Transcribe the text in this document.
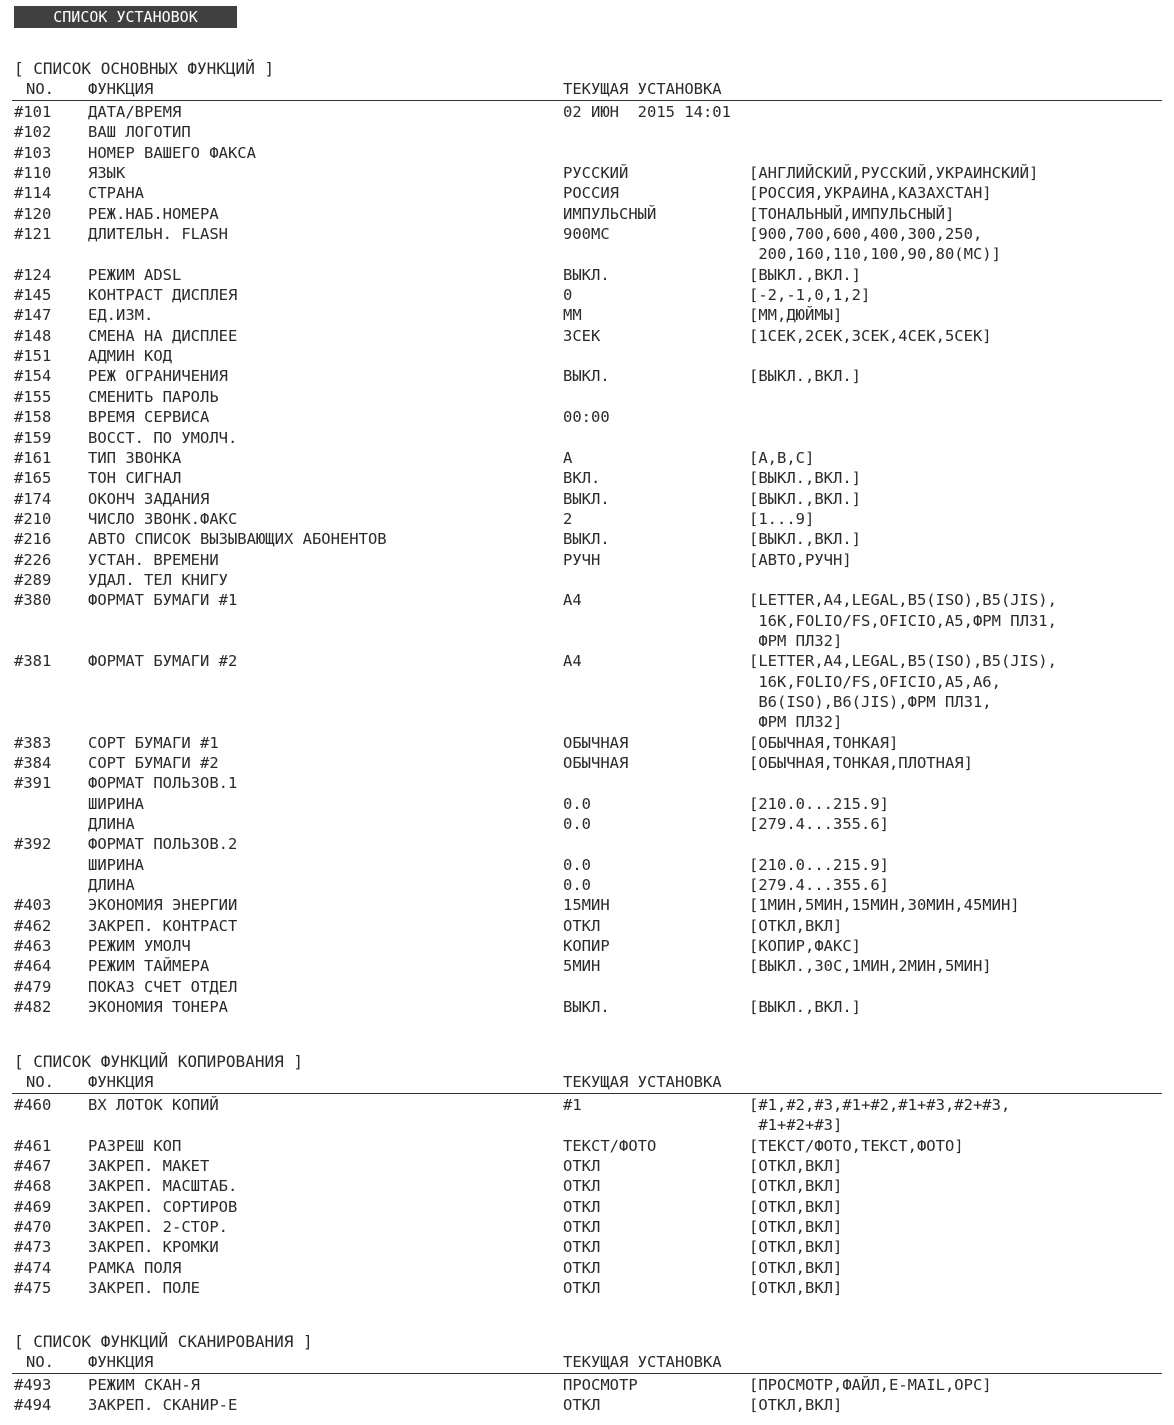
СПИСОК УСТАНОВОК
[ СПИСОК ОСНОВНЫХ ФУНКЦИЙ ]
NO. ФУНКЦИЯ	ТЕКУЩАЯ УСТАНОВКА
#101 ДАТА/ВРЕМЯ	02 ИЮН  2015 14:01
#102 ВАШ ЛОГОТИП
#103 НОМЕР ВАШЕГО ФАКСА
#110 ЯЗЫК	РУССКИЙ	[АНГЛИЙСКИЙ,РУССКИЙ,УКРАИНСКИЙ]
#114 СТРАНА	РОССИЯ	[РОССИЯ,УКРАИНА,КАЗАХСТАН]
#120 РЕЖ.НАБ.НОМЕРА	ИМПУЛЬСНЫЙ	[ТОНАЛЬНЫЙ,ИМПУЛЬСНЫЙ]
#121 ДЛИТЕЛЬН. FLASH	900МС	[900,700,600,400,300,250,
200,160,110,100,90,80(МС)]
#124 РЕЖИМ ADSL	ВЫКЛ.	[ВЫКЛ.,ВКЛ.]
#145 КОНТРАСТ ДИСПЛЕЯ	0	[-2,-1,0,1,2]
#147 ЕД.ИЗМ.	ММ	[ММ,ДЮЙМЫ]
#148 СМЕНА НА ДИСПЛЕЕ	3СЕК	[1СЕК,2СЕК,3СЕК,4СЕК,5СЕК]
#151 АДМИН КОД
#154 РЕЖ ОГРАНИЧЕНИЯ	ВЫКЛ.	[ВЫКЛ.,ВКЛ.]
#155 СМЕНИТЬ ПАРОЛЬ
#158 ВРЕМЯ СЕРВИСА	00:00
#159 ВОССТ. ПО УМОЛЧ.
#161 ТИП ЗВОНКА	A	[A,B,C]
#165 ТОН СИГНАЛ	ВКЛ.	[ВЫКЛ.,ВКЛ.]
#174 ОКОНЧ ЗАДАНИЯ	ВЫКЛ.	[ВЫКЛ.,ВКЛ.]
#210 ЧИСЛО ЗВОНК.ФАКС	2	[1...9]
#216 АВТО СПИСОК ВЫЗЫВАЮЩИХ АБОНЕНТОВ	ВЫКЛ.	[ВЫКЛ.,ВКЛ.]
#226 УСТАН. ВРЕМЕНИ	РУЧН	[АВТО,РУЧН]
#289 УДАЛ. ТЕЛ КНИГУ
#380 ФОРМАТ БУМАГИ #1	A4	[LETTER,A4,LEGAL,B5(ISO),B5(JIS),
16K,FOLIO/FS,OFICIO,A5,ФРМ ПЛЗ1,
ФРМ ПЛЗ2]
#381 ФОРМАТ БУМАГИ #2	A4	[LETTER,A4,LEGAL,B5(ISO),B5(JIS),
16K,FOLIO/FS,OFICIO,A5,A6,
B6(ISO),B6(JIS),ФРМ ПЛЗ1,
ФРМ ПЛЗ2]
#383 СОРТ БУМАГИ #1	ОБЫЧНАЯ	[ОБЫЧНАЯ,ТОНКАЯ]
#384 СОРТ БУМАГИ #2	ОБЫЧНАЯ	[ОБЫЧНАЯ,ТОНКАЯ,ПЛОТНАЯ]
#391 ФОРМАТ ПОЛЬЗОВ.1
ШИРИНА	0.0	[210.0...215.9]
ДЛИНА	0.0	[279.4...355.6]
#392 ФОРМАТ ПОЛЬЗОВ.2
ШИРИНА	0.0	[210.0...215.9]
ДЛИНА	0.0	[279.4...355.6]
#403 ЭКОНОМИЯ ЭНЕРГИИ	15МИН	[1МИН,5МИН,15МИН,30МИН,45МИН]
#462 ЗАКРЕП. КОНТРАСТ	ОТКЛ	[ОТКЛ,ВКЛ]
#463 РЕЖИМ УМОЛЧ	КОПИР	[КОПИР,ФАКС]
#464 РЕЖИМ ТАЙМЕРА	5МИН	[ВЫКЛ.,30С,1МИН,2МИН,5МИН]
#479 ПОКАЗ СЧЕТ ОТДЕЛ
#482 ЭКОНОМИЯ ТОНЕРА	ВЫКЛ.	[ВЫКЛ.,ВКЛ.]
[ СПИСОК ФУНКЦИЙ КОПИРОВАНИЯ ]
NO. ФУНКЦИЯ	ТЕКУЩАЯ УСТАНОВКА
#460 ВХ ЛОТОК КОПИЙ	#1	[#1,#2,#3,#1+#2,#1+#3,#2+#3,
#1+#2+#3]
#461 РАЗРЕШ КОП	ТЕКСТ/ФОТО	[ТЕКСТ/ФОТО,ТЕКСТ,ФОТО]
#467 ЗАКРЕП. МАКЕТ	ОТКЛ	[ОТКЛ,ВКЛ]
#468 ЗАКРЕП. МАСШТАБ.	ОТКЛ	[ОТКЛ,ВКЛ]
#469 ЗАКРЕП. СОРТИРОВ	ОТКЛ	[ОТКЛ,ВКЛ]
#470 ЗАКРЕП. 2-СТОР.	ОТКЛ	[ОТКЛ,ВКЛ]
#473 ЗАКРЕП. КРОМКИ	ОТКЛ	[ОТКЛ,ВКЛ]
#474 РАМКА ПОЛЯ	ОТКЛ	[ОТКЛ,ВКЛ]
#475 ЗАКРЕП. ПОЛЕ	ОТКЛ	[ОТКЛ,ВКЛ]
[ СПИСОК ФУНКЦИЙ СКАНИРОВАНИЯ ]
NO. ФУНКЦИЯ	ТЕКУЩАЯ УСТАНОВКА
#493 РЕЖИМ СКАН-Я	ПРОСМОТР	[ПРОСМОТР,ФАЙЛ,E-MAIL,OPC]
#494 ЗАКРЕП. СКАНИР-Е	ОТКЛ	[ОТКЛ,ВКЛ]
